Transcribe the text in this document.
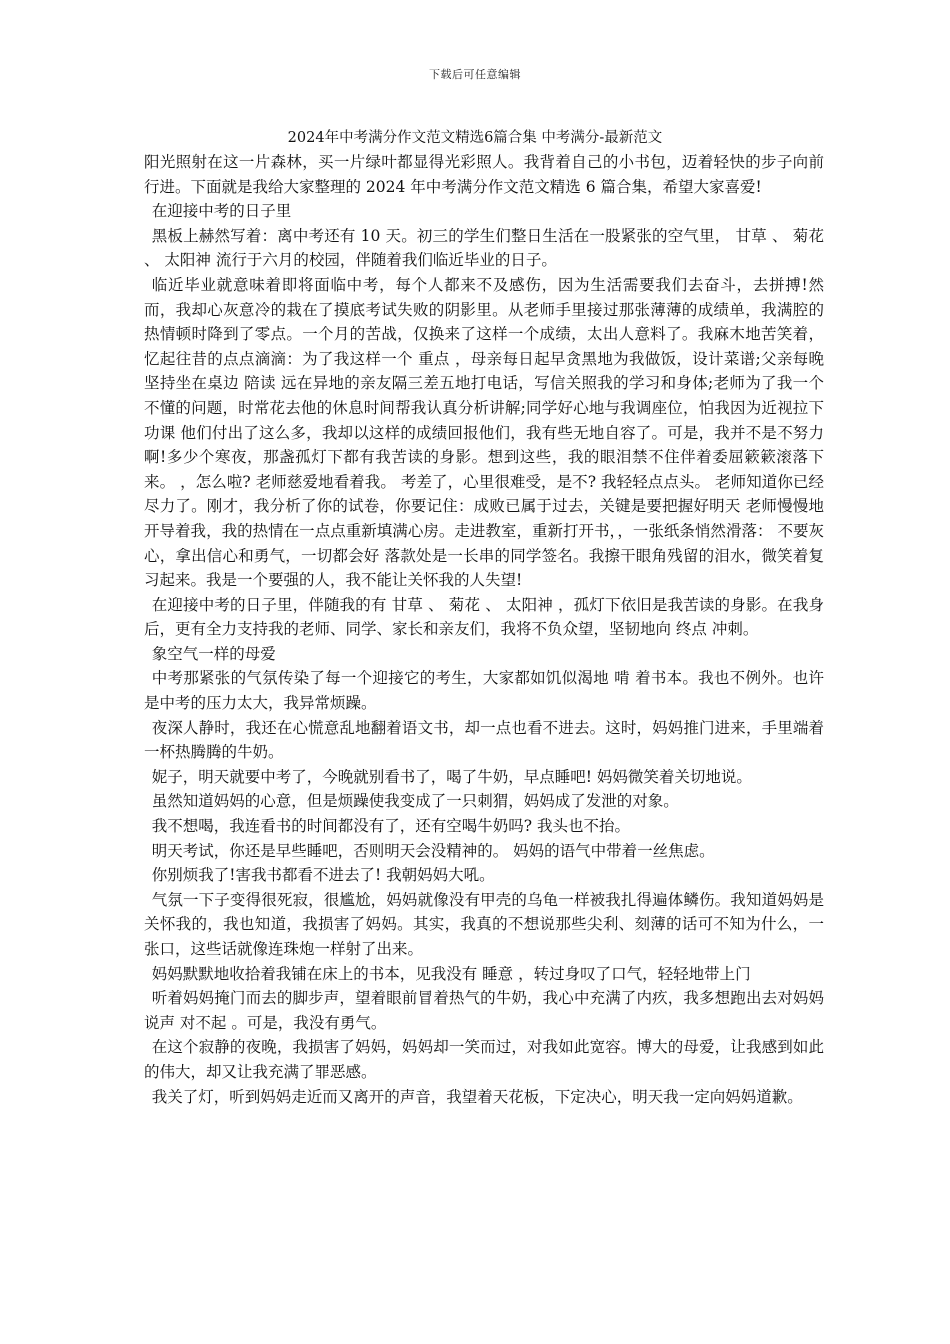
下载后可任意编辑
2024年中考满分作文范文精选6篇合集 中考满分-最新范文

阳光照射在这一片森林，买一片绿叶都显得光彩照人。我背着自己的小书包，迈着轻快的步子向前行进。下面就是我给大家整理的 2024 年中考满分作文范文精选 6 篇合集，希望大家喜爱!

在迎接中考的日子里

黑板上赫然写着：离中考还有 10 天。初三的学生们整日生活在一股紧张的空气里， 甘草 、 菊花 、 太阳神 流行于六月的校园，伴随着我们临近毕业的日子。

临近毕业就意味着即将面临中考，每个人都来不及感伤，因为生活需要我们去奋斗，去拼搏!然而，我却心灰意冷的栽在了摸底考试失败的阴影里。从老师手里接过那张薄薄的成绩单，我满腔的热情顿时降到了零点。一个月的苦战，仅换来了这样一个成绩，太出人意料了。我麻木地苦笑着，忆起往昔的点点滴滴：为了我这样一个 重点 ，母亲每日起早贪黑地为我做饭，设计菜谱;父亲每晚坚持坐在桌边 陪读 远在异地的亲友隔三差五地打电话，写信关照我的学习和身体;老师为了我一个不懂的问题，时常花去他的休息时间帮我认真分析讲解;同学好心地与我调座位，怕我因为近视拉下功课 他们付出了这么多，我却以这样的成绩回报他们，我有些无地自容了。可是，我并不是不努力啊!多少个寒夜，那盏孤灯下都有我苦读的身影。想到这些，我的眼泪禁不住伴着委屈簌簌滚落下来。 ，怎么啦? 老师慈爱地看着我。 考差了，心里很难受，是不? 我轻轻点点头。 老师知道你已经尽力了。刚才，我分析了你的试卷，你要记住：成败已属于过去，关键是要把握好明天 老师慢慢地开导着我，我的热情在一点点重新填满心房。走进教室，重新打开书，，一张纸条悄然滑落： 不要灰心，拿出信心和勇气，一切都会好 落款处是一长串的同学签名。我擦干眼角残留的泪水，微笑着复习起来。我是一个要强的人，我不能让关怀我的人失望!

在迎接中考的日子里，伴随我的有 甘草 、 菊花 、 太阳神 ，孤灯下依旧是我苦读的身影。在我身后，更有全力支持我的老师、同学、家长和亲友们，我将不负众望，坚韧地向 终点 冲刺。

象空气一样的母爱

中考那紧张的气氛传染了每一个迎接它的考生，大家都如饥似渴地 啃 着书本。我也不例外。也许是中考的压力太大，我异常烦躁。

夜深人静时，我还在心慌意乱地翻着语文书，却一点也看不进去。这时，妈妈推门进来，手里端着一杯热腾腾的牛奶。

妮子，明天就要中考了，今晚就别看书了，喝了牛奶，早点睡吧! 妈妈微笑着关切地说。

虽然知道妈妈的心意，但是烦躁使我变成了一只刺猬，妈妈成了发泄的对象。

我不想喝，我连看书的时间都没有了，还有空喝牛奶吗? 我头也不抬。

明天考试，你还是早些睡吧，否则明天会没精神的。 妈妈的语气中带着一丝焦虑。

你别烦我了!害我书都看不进去了! 我朝妈妈大吼。

气氛一下子变得很死寂，很尴尬，妈妈就像没有甲壳的乌龟一样被我扎得遍体鳞伤。我知道妈妈是关怀我的，我也知道，我损害了妈妈。其实，我真的不想说那些尖利、刻薄的话可不知为什么，一张口，这些话就像连珠炮一样射了出来。

妈妈默默地收拾着我铺在床上的书本，见我没有 睡意 ，转过身叹了口气，轻轻地带上门

听着妈妈掩门而去的脚步声，望着眼前冒着热气的牛奶，我心中充满了内疚，我多想跑出去对妈妈说声 对不起 。可是，我没有勇气。

在这个寂静的夜晚，我损害了妈妈，妈妈却一笑而过，对我如此宽容。博大的母爱，让我感到如此的伟大，却又让我充满了罪恶感。

我关了灯，听到妈妈走近而又离开的声音，我望着天花板，下定决心，明天我一定向妈妈道歉。
